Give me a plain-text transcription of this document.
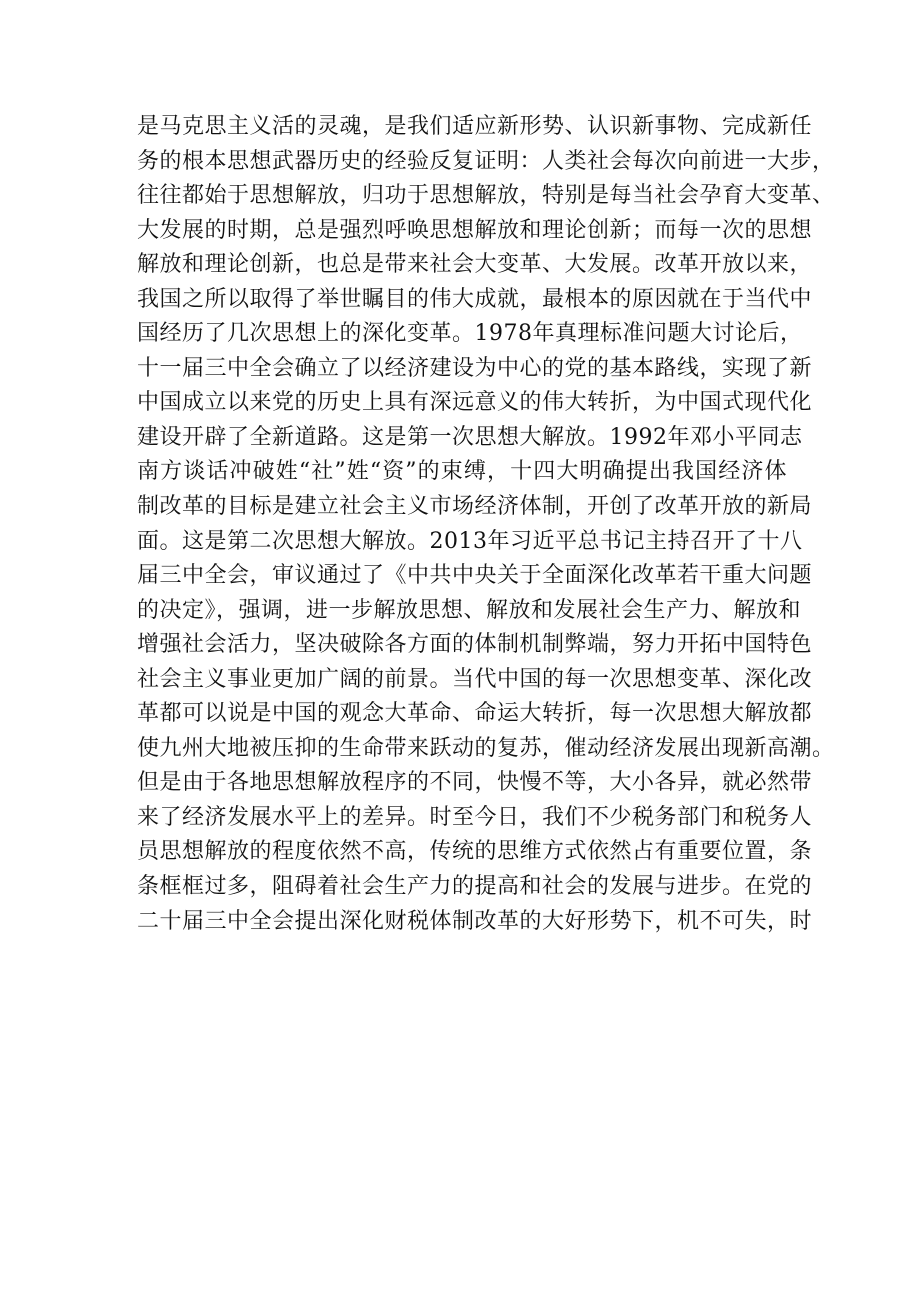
是马克思主义活的灵魂，是我们适应新形势、认识新事物、完成新任
务的根本思想武器历史的经验反复证明：人类社会每次向前进一大步，
往往都始于思想解放，归功于思想解放，特别是每当社会孕育大变革、
大发展的时期，总是强烈呼唤思想解放和理论创新；而每一次的思想
解放和理论创新，也总是带来社会大变革、大发展。改革开放以来，
我国之所以取得了举世瞩目的伟大成就，最根本的原因就在于当代中
国经历了几次思想上的深化变革。1978年真理标准问题大讨论后，
十一届三中全会确立了以经济建设为中心的党的基本路线，实现了新
中国成立以来党的历史上具有深远意义的伟大转折，为中国式现代化
建设开辟了全新道路。这是第一次思想大解放。1992年邓小平同志
南方谈话冲破姓“社”姓“资”的束缚，十四大明确提出我国经济体
制改革的目标是建立社会主义市场经济体制，开创了改革开放的新局
面。这是第二次思想大解放。2013年习近平总书记主持召开了十八
届三中全会，审议通过了《中共中央关于全面深化改革若干重大问题
的决定》，强调，进一步解放思想、解放和发展社会生产力、解放和
增强社会活力，坚决破除各方面的体制机制弊端，努力开拓中国特色
社会主义事业更加广阔的前景。当代中国的每一次思想变革、深化改
革都可以说是中国的观念大革命、命运大转折，每一次思想大解放都
使九州大地被压抑的生命带来跃动的复苏，催动经济发展出现新高潮。
但是由于各地思想解放程序的不同，快慢不等，大小各异，就必然带
来了经济发展水平上的差异。时至今日，我们不少税务部门和税务人
员思想解放的程度依然不高，传统的思维方式依然占有重要位置，条
条框框过多，阻碍着社会生产力的提高和社会的发展与进步。在党的
二十届三中全会提出深化财税体制改革的大好形势下，机不可失，时
